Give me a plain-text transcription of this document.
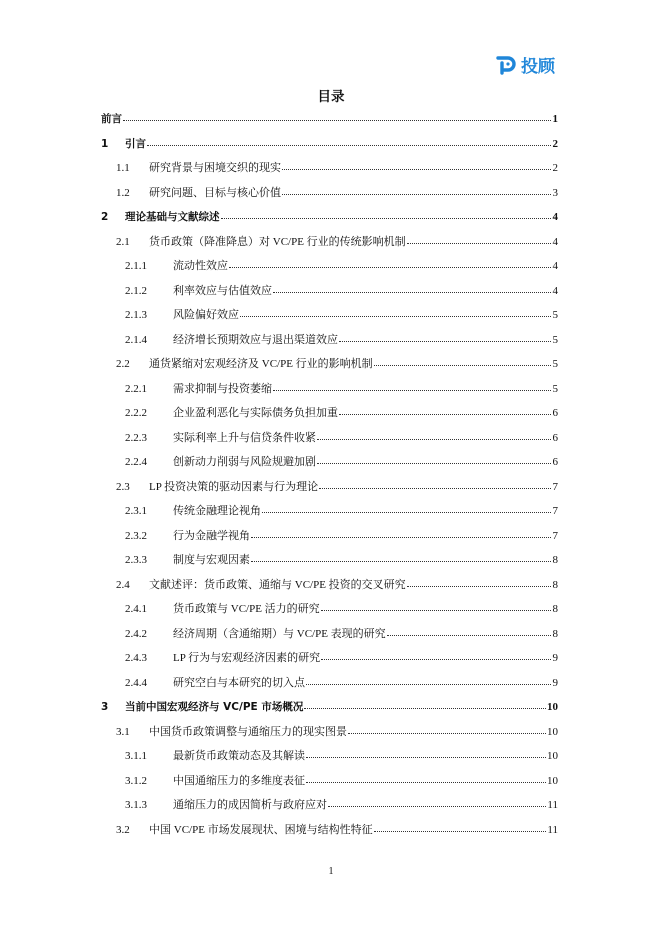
投顾
目录
前言	1
1	引言	2
1.1	研究背景与困境交织的现实	2
1.2	研究问题、目标与核心价值	3
2	理论基础与文献综述	4
2.1	货币政策（降准降息）对 VC/PE 行业的传统影响机制	4
2.1.1	流动性效应	4
2.1.2	利率效应与估值效应	4
2.1.3	风险偏好效应	5
2.1.4	经济增长预期效应与退出渠道效应	5
2.2	通货紧缩对宏观经济及 VC/PE 行业的影响机制	5
2.2.1	需求抑制与投资萎缩	5
2.2.2	企业盈利恶化与实际债务负担加重	6
2.2.3	实际利率上升与信贷条件收紧	6
2.2.4	创新动力削弱与风险规避加剧	6
2.3	LP 投资决策的驱动因素与行为理论	7
2.3.1	传统金融理论视角	7
2.3.2	行为金融学视角	7
2.3.3	制度与宏观因素	8
2.4	文献述评：货币政策、通缩与 VC/PE 投资的交叉研究	8
2.4.1	货币政策与 VC/PE 活力的研究	8
2.4.2	经济周期（含通缩期）与 VC/PE 表现的研究	8
2.4.3	LP 行为与宏观经济因素的研究	9
2.4.4	研究空白与本研究的切入点	9
3	当前中国宏观经济与 VC/PE 市场概况	10
3.1	中国货币政策调整与通缩压力的现实图景	10
3.1.1	最新货币政策动态及其解读	10
3.1.2	中国通缩压力的多维度表征	10
3.1.3	通缩压力的成因简析与政府应对	11
3.2	中国 VC/PE 市场发展现状、困境与结构性特征	11
1
